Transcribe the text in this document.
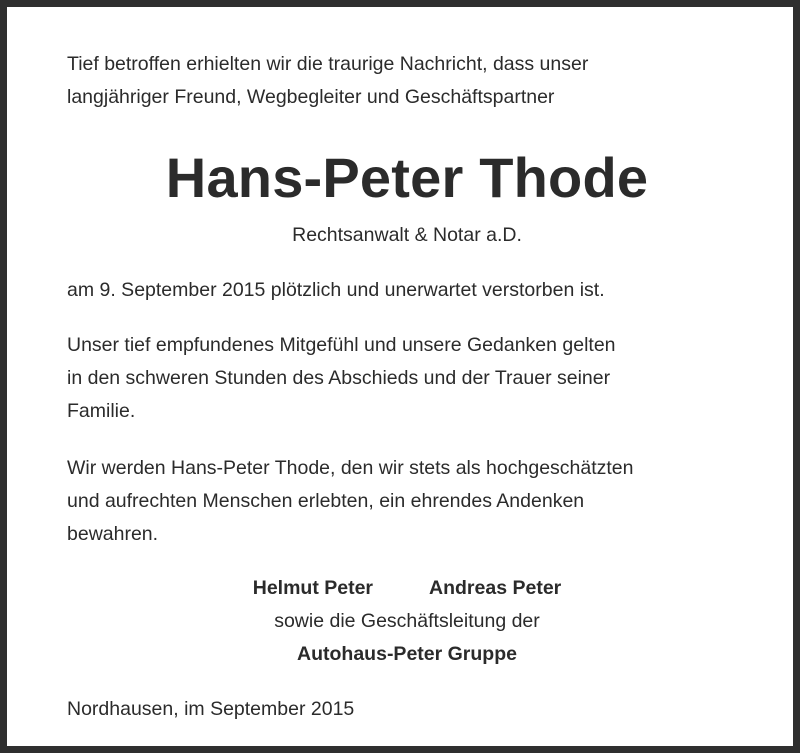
Tief betroffen erhielten wir die traurige Nachricht, dass unser
langjähriger Freund, Wegbegleiter und Geschäftspartner
Hans-Peter Thode
Rechtsanwalt & Notar a.D.
am 9. September 2015 plötzlich und unerwartet verstorben ist.
Unser tief empfundenes Mitgefühl und unsere Gedanken gelten
in den schweren Stunden des Abschieds und der Trauer seiner
Familie.
Wir werden Hans-Peter Thode, den wir stets als hochgeschätzten
und aufrechten Menschen erlebten, ein ehrendes Andenken
bewahren.
Helmut Peter	Andreas Peter
sowie die Geschäftsleitung der
Autohaus-Peter Gruppe
Nordhausen, im September 2015
